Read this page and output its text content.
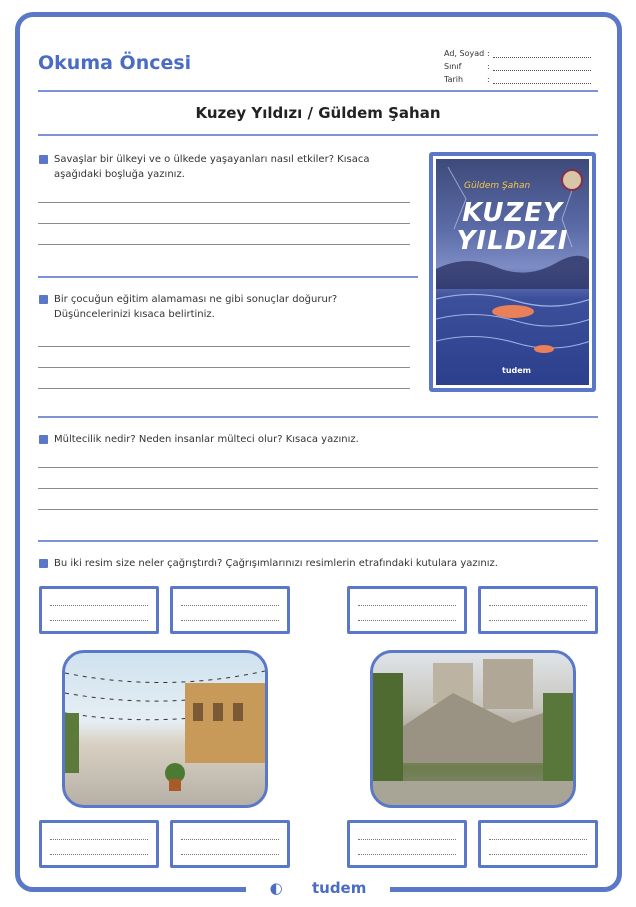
Okuma Öncesi	Ad, Soyad :
Sınıf	:
Tarih	:
Kuzey Yıldızı / Güldem Şahan
Savaşlar bir ülkeyi ve o ülkede yaşayanları nasıl etkiler? Kısaca aşağıdaki boşluğa yazınız.
Bir çocuğun eğitim alamaması ne gibi sonuçlar doğurur? Düşüncelerinizi kısaca belirtiniz.
Güldem Şahan
KUZEY
YILDIZI
tudem
Mültecilik nedir? Neden insanlar mülteci olur? Kısaca yazınız.
Bu iki resim size neler çağrıştırdı? Çağrışımlarınızı resimlerin etrafındaki kutulara yazınız.
◐ tudem
